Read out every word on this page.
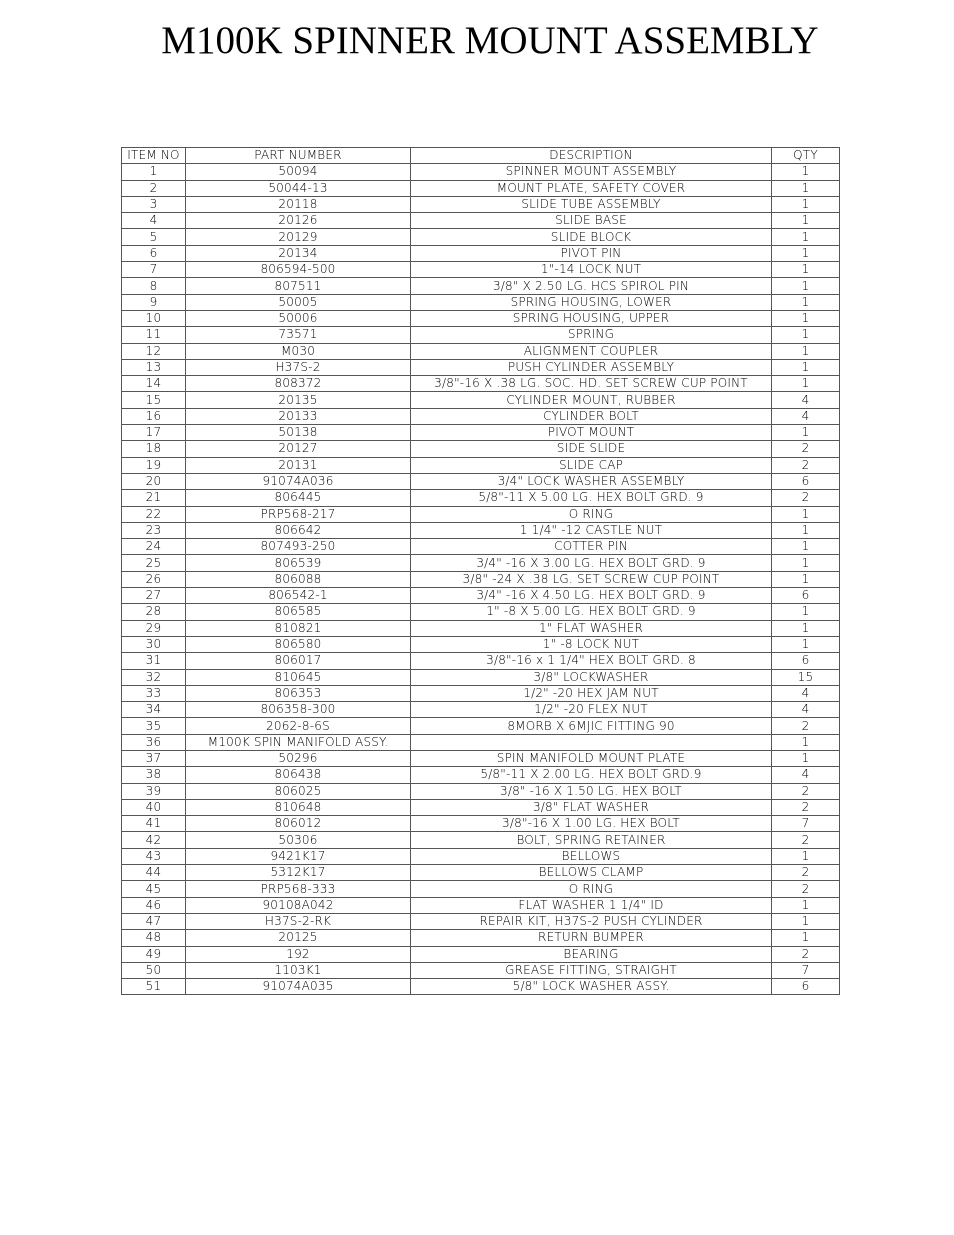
M100K SPINNER MOUNT ASSEMBLY
ITEM NO	PART NUMBER	DESCRIPTION	QTY
1	50094	SPINNER MOUNT ASSEMBLY	1
2	50044-13	MOUNT PLATE, SAFETY COVER	1
3	20118	SLIDE TUBE ASSEMBLY	1
4	20126	SLIDE BASE	1
5	20129	SLIDE BLOCK	1
6	20134	PIVOT PIN	1
7	806594-500	1"-14 LOCK NUT	1
8	807511	3/8" X 2.50 LG. HCS SPIROL PIN	1
9	50005	SPRING HOUSING, LOWER	1
10	50006	SPRING HOUSING, UPPER	1
11	73571	SPRING	1
12	M030	ALIGNMENT COUPLER	1
13	H37S-2	PUSH CYLINDER ASSEMBLY	1
14	808372	3/8"-16 X .38 LG. SOC. HD. SET SCREW CUP POINT	1
15	20135	CYLINDER MOUNT, RUBBER	4
16	20133	CYLINDER BOLT	4
17	50138	PIVOT MOUNT	1
18	20127	SIDE SLIDE	2
19	20131	SLIDE CAP	2
20	91074A036	3/4" LOCK WASHER ASSEMBLY	6
21	806445	5/8"-11 X 5.00 LG. HEX BOLT GRD. 9	2
22	PRP568-217	O RING	1
23	806642	1 1/4" -12 CASTLE NUT	1
24	807493-250	COTTER PIN	1
25	806539	3/4" -16 X 3.00 LG. HEX BOLT GRD. 9	1
26	806088	3/8" -24 X .38 LG. SET SCREW CUP POINT	1
27	806542-1	3/4" -16 X 4.50 LG. HEX BOLT GRD. 9	6
28	806585	1" -8 X 5.00 LG. HEX BOLT GRD. 9	1
29	810821	1" FLAT WASHER	1
30	806580	1" -8 LOCK NUT	1
31	806017	3/8"-16 x 1 1/4" HEX BOLT GRD. 8	6
32	810645	3/8" LOCKWASHER	15
33	806353	1/2" -20 HEX JAM NUT	4
34	806358-300	1/2" -20 FLEX NUT	4
35	2062-8-6S	8MORB X 6MJIC FITTING 90	2
36	M100K SPIN MANIFOLD ASSY.		1
37	50296	SPIN MANIFOLD MOUNT PLATE	1
38	806438	5/8"-11 X 2.00 LG. HEX BOLT GRD.9	4
39	806025	3/8" -16 X 1.50 LG. HEX BOLT	2
40	810648	3/8" FLAT WASHER	2
41	806012	3/8"-16 X 1.00 LG. HEX BOLT	7
42	50306	BOLT, SPRING RETAINER	2
43	9421K17	BELLOWS	1
44	5312K17	BELLOWS CLAMP	2
45	PRP568-333	O RING	2
46	90108A042	FLAT WASHER 1 1/4" ID	1
47	H37S-2-RK	REPAIR KIT, H37S-2 PUSH CYLINDER	1
48	20125	RETURN BUMPER	1
49	192	BEARING	2
50	1103K1	GREASE FITTING, STRAIGHT	7
51	91074A035	5/8" LOCK WASHER ASSY.	6
